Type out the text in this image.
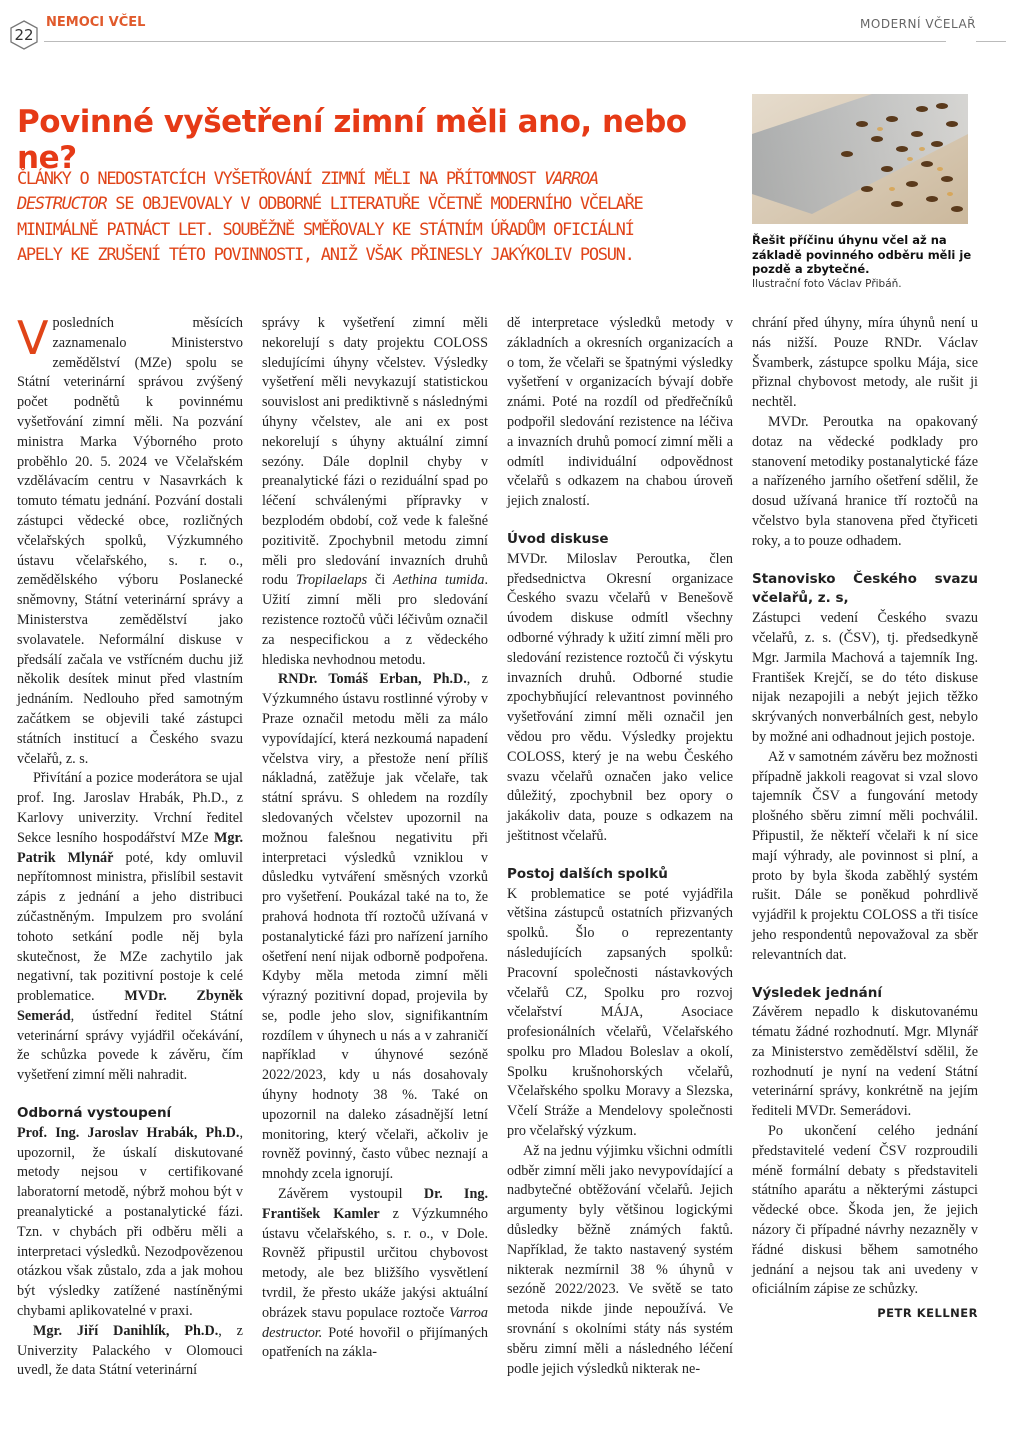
22
NEMOCI VČEL	MODERNÍ VČELAŘ
Povinné vyšetření zimní měli ano, nebo ne?

ČLÁNKY O NEDOSTATCÍCH VYŠETŘOVÁNÍ ZIMNÍ MĚLI NA PŘÍTOMNOST VARROA DESTRUCTOR SE OBJEVOVALY V ODBORNÉ LITERATUŘE VČETNĚ MODERNÍHO VČELAŘE MINIMÁLNĚ PATNÁCT LET. SOUBĚŽNĚ SMĚŘOVALY KE STÁTNÍM ÚŘADŮM OFICIÁLNÍ APELY KE ZRUŠENÍ TÉTO POVINNOSTI, ANIŽ VŠAK PŘINESLY JAKÝKOLIV POSUN.

Řešit příčinu úhynu včel až na základě povinného odběru měli je pozdě a zbytečné.
Ilustrační foto Václav Přibáň.

Vposledních měsících zaznamenalo Ministerstvo zemědělství (MZe) spolu se Státní veterinární správou zvýšený počet podnětů k povinnému vyšetřování zimní měli. Na pozvání ministra Marka Výborného proto proběhlo 20. 5. 2024 ve Včelařském vzdělávacím centru v Nasavrkách k tomuto tématu jednání. Pozvání dostali zástupci vědecké obce, rozličných včelařských spolků, Výzkumného ústavu včelařského, s. r. o., zemědělského výboru Poslanecké sněmovny, Státní veterinární správy a Ministerstva zemědělství jako svolavatele. Neformální diskuse v předsálí začala ve vstřícném duchu již několik desítek minut před vlastním jednáním. Nedlouho před samotným začátkem se objevili také zástupci státních institucí a Českého svazu včelařů, z. s.

Přivítání a pozice moderátora se ujal prof. Ing. Jaroslav Hrabák, Ph.D., z Karlovy univerzity. Vrchní ředitel Sekce lesního hospodářství MZe Mgr. Patrik Mlynář poté, kdy omluvil nepřítomnost ministra, přislíbil sestavit zápis z jednání a jeho distribuci zúčastněným. Impulzem pro svolání tohoto setkání podle něj byla skutečnost, že MZe zachytilo jak negativní, tak pozitivní postoje k celé problematice. MVDr. Zbyněk Semerád, ústřední ředitel Státní veterinární správy vyjádřil očekávání, že schůzka povede k závěru, čím vyšetření zimní měli nahradit.

Odborná vystoupení

Prof. Ing. Jaroslav Hrabák, Ph.D., upozornil, že úskalí diskutované metody nejsou v certifikované laboratorní metodě, nýbrž mohou být v preanalytické a postanalytické fázi. Tzn. v chybách při odběru měli a interpretaci výsledků. Nezodpovězenou otázkou však zůstalo, zda a jak mohou být výsledky zatížené nastíněnými chybami aplikovatelné v praxi.

Mgr. Jiří Danihlík, Ph.D., z Univerzity Palackého v Olomouci uvedl, že data Státní veterinární

správy k vyšetření zimní měli nekorelují s daty projektu COLOSS sledujícími úhyny včelstev. Výsledky vyšetření měli nevykazují statistickou souvislost ani prediktivně s následnými úhyny včelstev, ale ani ex post nekorelují s úhyny aktuální zimní sezóny. Dále doplnil chyby v preanalytické fázi o reziduální spad po léčení schválenými přípravky v bezplodém období, což vede k falešné pozitivitě. Zpochybnil metodu zimní měli pro sledování invazních druhů rodu Tropilaelaps či Aethina tumida. Užití zimní měli pro sledování rezistence roztočů vůči léčivům označil za nespecifickou a z vědeckého hlediska nevhodnou metodu.

RNDr. Tomáš Erban, Ph.D., z Výzkumného ústavu rostlinné výroby v Praze označil metodu měli za málo vypovídající, která nezkoumá napadení včelstva viry, a přestože není příliš nákladná, zatěžuje jak včelaře, tak státní správu. S ohledem na rozdíly sledovaných včelstev upozornil na možnou falešnou negativitu při interpretaci výsledků vzniklou v důsledku vytváření směsných vzorků pro vyšetření. Poukázal také na to, že prahová hodnota tří roztočů užívaná v postanalytické fázi pro nařízení jarního ošetření není nijak odborně podpořena. Kdyby měla metoda zimní měli výrazný pozitivní dopad, projevila by se, podle jeho slov, signifikantním rozdílem v úhynech u nás a v zahraničí například v úhynové sezóně 2022/2023, kdy u nás dosahovaly úhyny hodnoty 38 %. Také on upozornil na daleko zásadnější letní monitoring, který včelaři, ačkoliv je rovněž povinný, často vůbec neznají a mnohdy zcela ignorují.

Závěrem vystoupil Dr. Ing. František Kamler z Výzkumného ústavu včelařského, s. r. o., v Dole. Rovněž připustil určitou chybovost metody, ale bez bližšího vysvětlení tvrdil, že přesto ukáže jakýsi aktuální obrázek stavu populace roztoče Varroa destructor. Poté hovořil o přijímaných opatřeních na zákla-

dě interpretace výsledků metody v základních a okresních organizacích a o tom, že včelaři se špatnými výsledky vyšetření v organizacích bývají dobře známi. Poté na rozdíl od předřečníků podpořil sledování rezistence na léčiva a invazních druhů pomocí zimní měli a odmítl individuální odpovědnost včelařů s odkazem na chabou úroveň jejich znalostí.

Úvod diskuse

MVDr. Miloslav Peroutka, člen předsednictva Okresní organizace Českého svazu včelařů v Benešově úvodem diskuse odmítl všechny odborné výhrady k užití zimní měli pro sledování rezistence roztočů či výskytu invazních druhů. Odborné studie zpochybňující relevantnost povinného vyšetřování zimní měli označil jen vědou pro vědu. Výsledky projektu COLOSS, který je na webu Českého svazu včelařů označen jako velice důležitý, zpochybnil bez opory o jakákoliv data, pouze s odkazem na ještitnost včelařů.

Postoj dalších spolků

K problematice se poté vyjádřila většina zástupců ostatních přizvaných spolků. Šlo o reprezentanty následujících zapsaných spolků: Pracovní společnosti nástavkových včelařů CZ, Spolku pro rozvoj včelařství MÁJA, Asociace profesionálních včelařů, Včelařského spolku pro Mladou Boleslav a okolí, Spolku krušnohorských včelařů, Včelařského spolku Moravy a Slezska, Včelí Stráže a Mendelovy společnosti pro včelařský výzkum.

Až na jednu výjimku všichni odmítli odběr zimní měli jako nevypovídající a nadbytečné obtěžování včelařů. Jejich argumenty byly většinou logickými důsledky běžně známých faktů. Například, že takto nastavený systém nikterak nezmírnil 38 % úhynů v sezóně 2022/2023. Ve světě se tato metoda nikde jinde nepoužívá. Ve srovnání s okolními státy nás systém sběru zimní měli a následného léčení podle jejich výsledků nikterak ne-

chrání před úhyny, míra úhynů není u nás nižší. Pouze RNDr. Václav Švamberk, zástupce spolku Mája, sice přiznal chybovost metody, ale rušit ji nechtěl.

MVDr. Peroutka na opakovaný dotaz na vědecké podklady pro stanovení metodiky postanalytické fáze a nařízeného jarního ošetření sdělil, že dosud užívaná hranice tří roztočů na včelstvo byla stanovena před čtyřiceti roky, a to pouze odhadem.

Stanovisko Českého svazu včelařů, z. s,

Zástupci vedení Českého svazu včelařů, z. s. (ČSV), tj. předsedkyně Mgr. Jarmila Machová a tajemník Ing. František Krejčí, se do této diskuse nijak nezapojili a nebýt jejich těžko skrývaných nonverbálních gest, nebylo by možné ani odhadnout jejich postoje.

Až v samotném závěru bez možnosti případně jakkoli reagovat si vzal slovo tajemník ČSV a fungování metody plošného sběru zimní měli pochválil. Připustil, že někteří včelaři k ní sice mají výhrady, ale povinnost si plní, a proto by byla škoda zaběhlý systém rušit. Dále se poněkud pohrdlivě vyjádřil k projektu COLOSS a tři tisíce jeho respondentů nepovažoval za sběr relevantních dat.

Výsledek jednání

Závěrem nepadlo k diskutovanému tématu žádné rozhodnutí. Mgr. Mlynář za Ministerstvo zemědělství sdělil, že rozhodnutí je nyní na vedení Státní veterinární správy, konkrétně na jejím řediteli MVDr. Semerádovi.

Po ukončení celého jednání představitelé vedení ČSV rozproudili méně formální debaty s představiteli státního aparátu a některými zástupci vědecké obce. Škoda jen, že jejich názory či případné návrhy nezazněly v řádné diskusi během samotného jednání a nejsou tak ani uvedeny v oficiálním zápise ze schůzky.

PETR KELLNER
